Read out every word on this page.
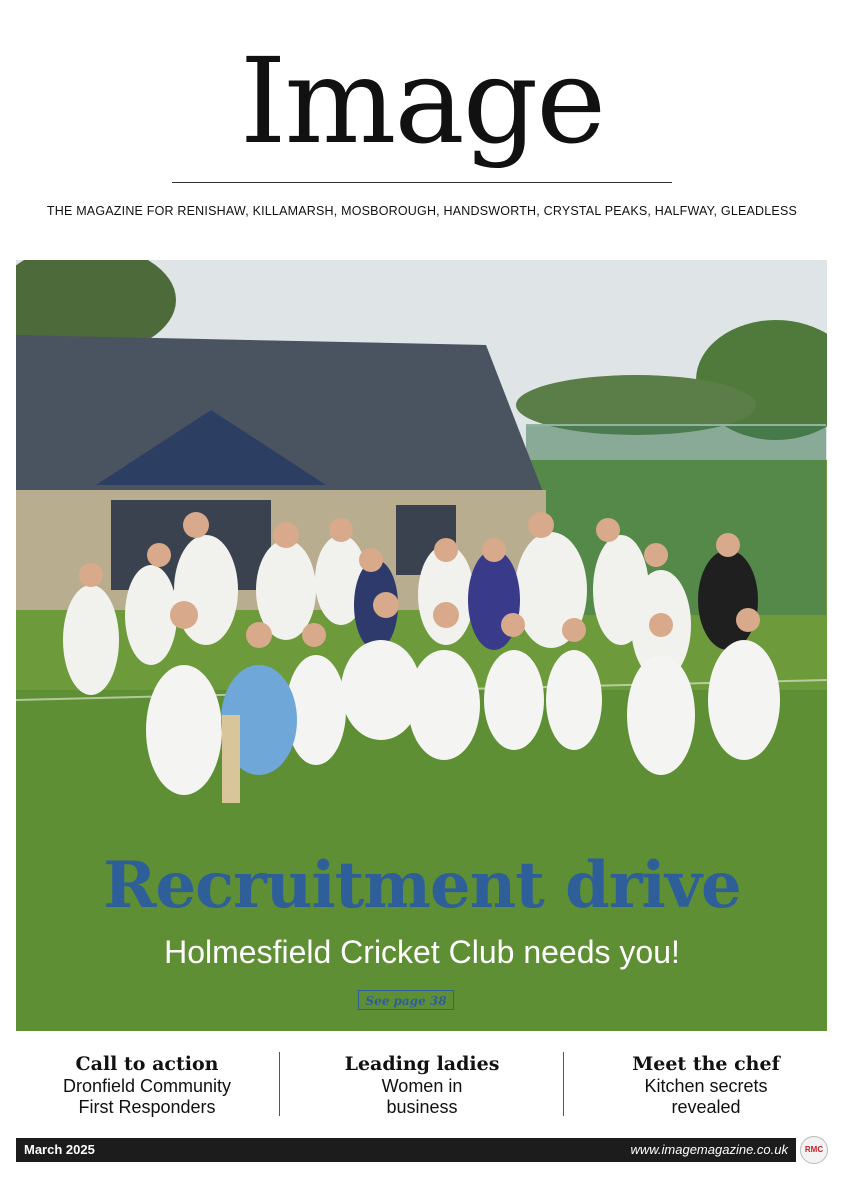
Image
THE MAGAZINE FOR RENISHAW, KILLAMARSH, MOSBOROUGH, HANDSWORTH, CRYSTAL PEAKS, HALFWAY, GLEADLESS
Recruitment drive
Holmesfield Cricket Club needs you!
See page 38
Call to action
Dronfield Community
First Responders
Leading ladies
Women in
business
Meet the chef
Kitchen secrets
revealed
March 2025	www.imagemagazine.co.uk	RMC
